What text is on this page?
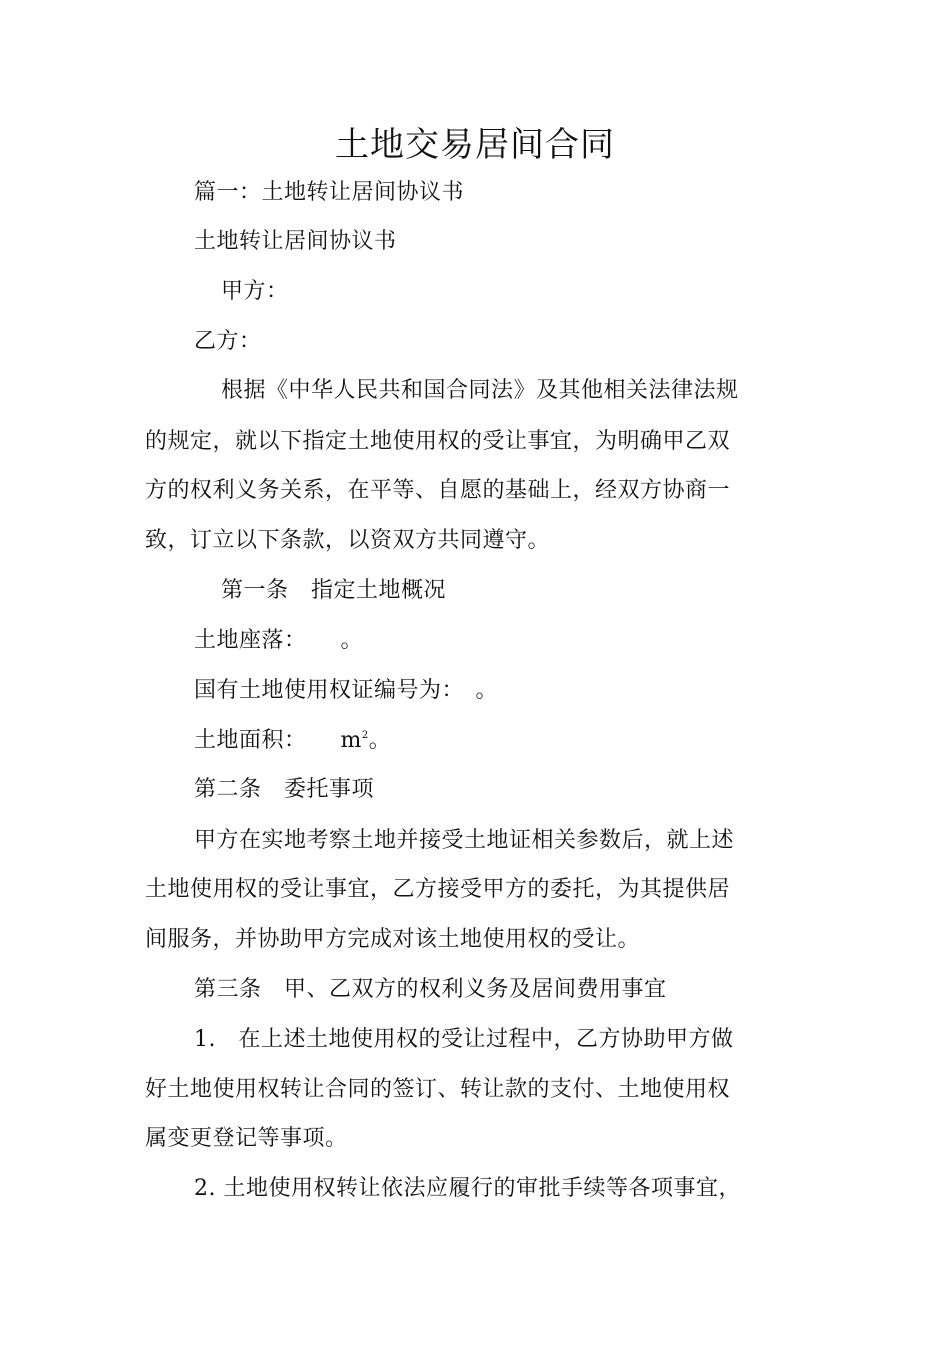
土地交易居间合同
篇一：土地转让居间协议书
土地转让居间协议书
甲方：
乙方：
根据《中华人民共和国合同法》及其他相关法律法规
的规定，就以下指定土地使用权的受让事宜，为明确甲乙双
方的权利义务关系，在平等、自愿的基础上，经双方协商一
致，订立以下条款，以资双方共同遵守。
第一条　指定土地概况
土地座落：　　。
国有土地使用权证编号为：　。
土地面积：　　$m^2$。
第二条　委托事项
甲方在实地考察土地并接受土地证相关参数后，就上述
土地使用权的受让事宜，乙方接受甲方的委托，为其提供居
间服务，并协助甲方完成对该土地使用权的受让。
第三条　甲、乙双方的权利义务及居间费用事宜
1.　在上述土地使用权的受让过程中，乙方协助甲方做
好土地使用权转让合同的签订、转让款的支付、土地使用权
属变更登记等事项。
2. 土地使用权转让依法应履行的审批手续等各项事宜，
